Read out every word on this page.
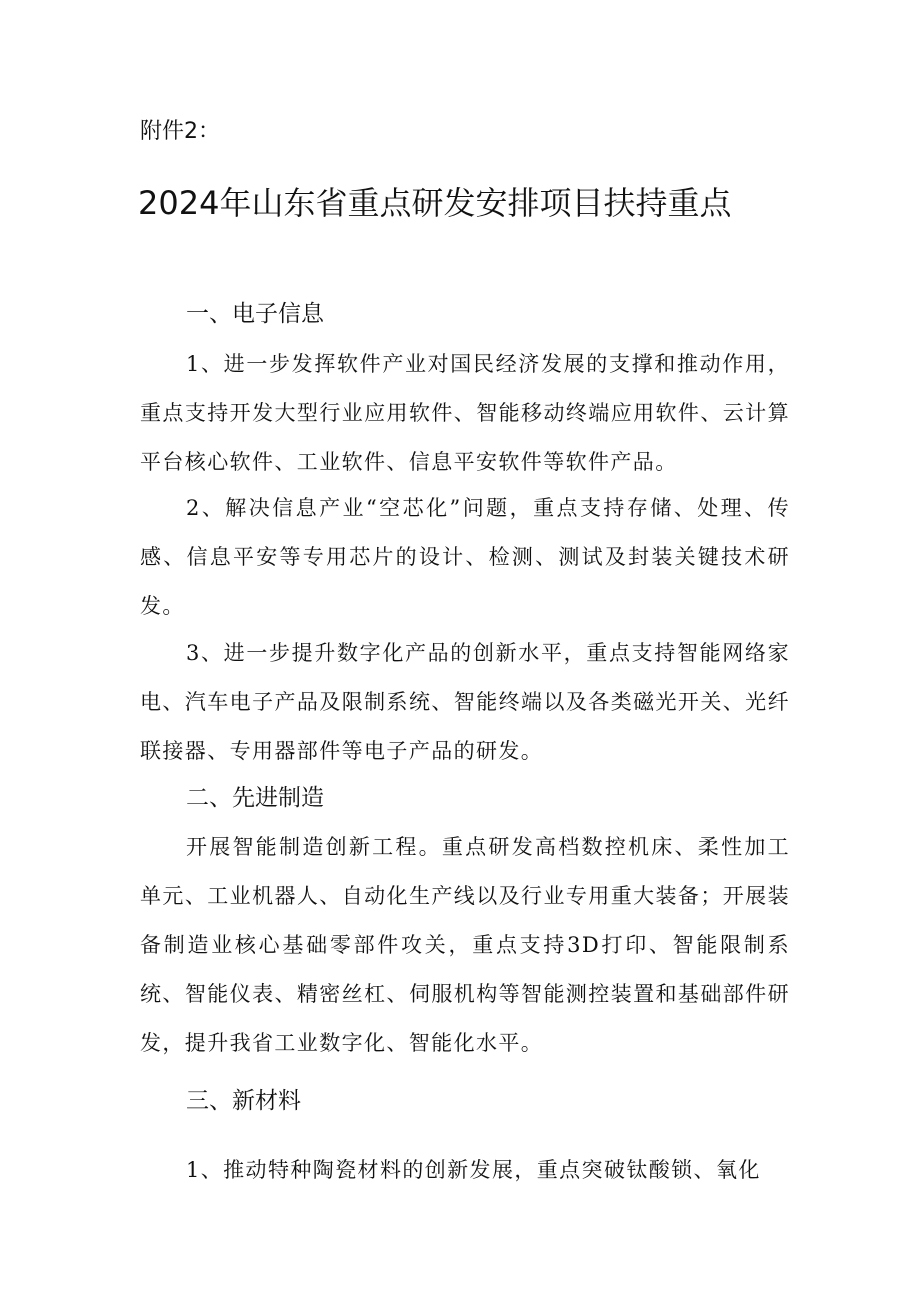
附件2：
2024年山东省重点研发安排项目扶持重点
一、电子信息

1、进一步发挥软件产业对国民经济发展的支撑和推动作用，重点支持开发大型行业应用软件、智能移动终端应用软件、云计算平台核心软件、工业软件、信息平安软件等软件产品。

2、解决信息产业“空芯化”问题，重点支持存储、处理、传感、信息平安等专用芯片的设计、检测、测试及封装关键技术研发。

3、进一步提升数字化产品的创新水平，重点支持智能网络家电、汽车电子产品及限制系统、智能终端以及各类磁光开关、光纤联接器、专用器部件等电子产品的研发。

二、先进制造

开展智能制造创新工程。重点研发高档数控机床、柔性加工单元、工业机器人、自动化生产线以及行业专用重大装备；开展装备制造业核心基础零部件攻关，重点支持3D打印、智能限制系统、智能仪表、精密丝杠、伺服机构等智能测控装置和基础部件研发，提升我省工业数字化、智能化水平。

三、新材料

1、推动特种陶瓷材料的创新发展，重点突破钛酸锁、氧化
